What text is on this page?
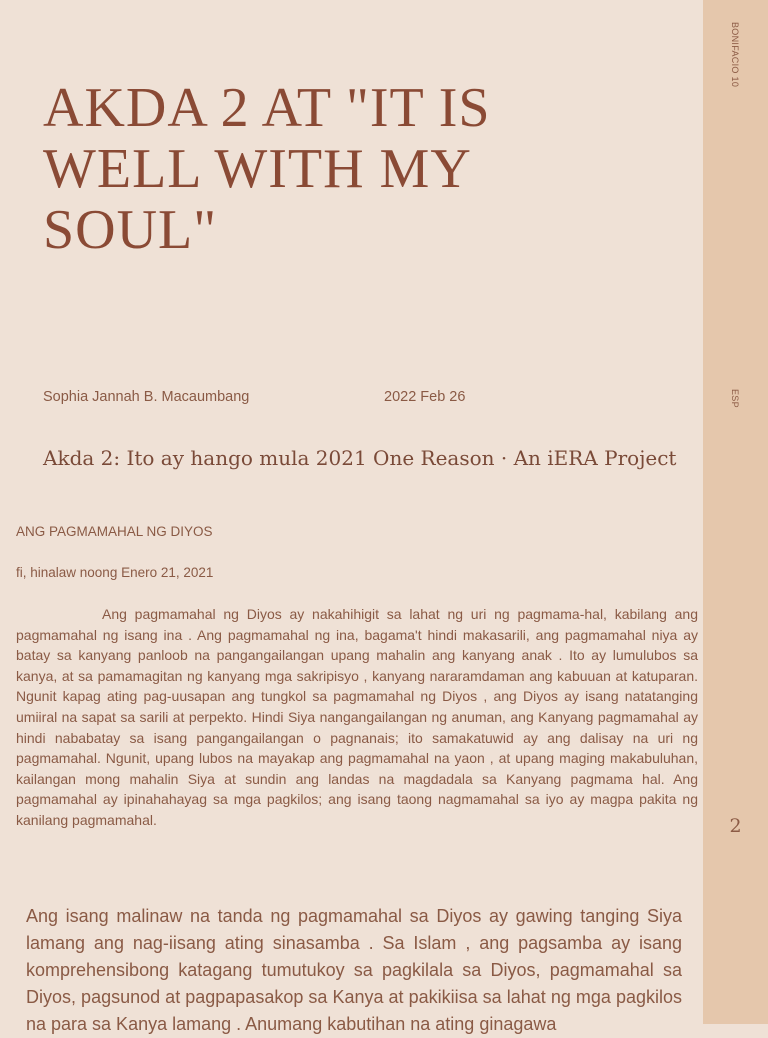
BONIFACIO 10
ESP
2
AKDA 2 AT "IT IS WELL WITH MY SOUL"
Sophia Jannah B. Macaumbang	2022 Feb 26
Akda 2: Ito ay hango mula 2021 One Reason · An iERA Project
ANG PAGMAMAHAL NG DIYOS
fi, hinalaw noong Enero 21, 2021

Ang pagmamahal ng Diyos ay nakahihigit sa lahat ng uri ng pagmama-hal, kabilang ang pagmamahal ng isang ina . Ang pagmamahal ng ina, bagama't hindi makasarili, ang pagmamahal niya ay batay sa kanyang panloob na pangangailangan upang mahalin ang kanyang anak . Ito ay lumulubos sa kanya, at sa pamamagitan ng kanyang mga sakripisyo , kanyang nararamdaman ang kabuuan at katuparan. Ngunit kapag ating pag-uusapan ang tungkol sa pagmamahal ng Diyos , ang Diyos ay isang natatanging umiiral na sapat sa sarili at perpekto. Hindi Siya nangangailangan ng anuman, ang Kanyang pagmamahal ay hindi nababatay sa isang pangangailangan o pagnanais; ito samakatuwid ay ang dalisay na uri ng pagmamahal. Ngunit, upang lubos na mayakap ang pagmamahal na yaon , at upang maging makabuluhan, kailangan mong mahalin Siya at sundin ang landas na magdadala sa Kanyang pagmama hal. Ang pagmamahal ay ipinahahayag sa mga pagkilos; ang isang taong nagmamahal sa iyo ay magpa pakita ng kanilang pagmamahal.

Ang isang malinaw na tanda ng pagmamahal sa Diyos ay gawing tanging Siya lamang ang nag-iisang ating sinasamba . Sa Islam , ang pagsamba ay isang komprehensibong katagang tumutukoy sa pagkilala sa Diyos, pagmamahal sa Diyos, pagsunod at pagpapasakop sa Kanya at pakikiisa sa lahat ng mga pagkilos na para sa Kanya lamang . Anumang kabutihan na ating ginagawa
